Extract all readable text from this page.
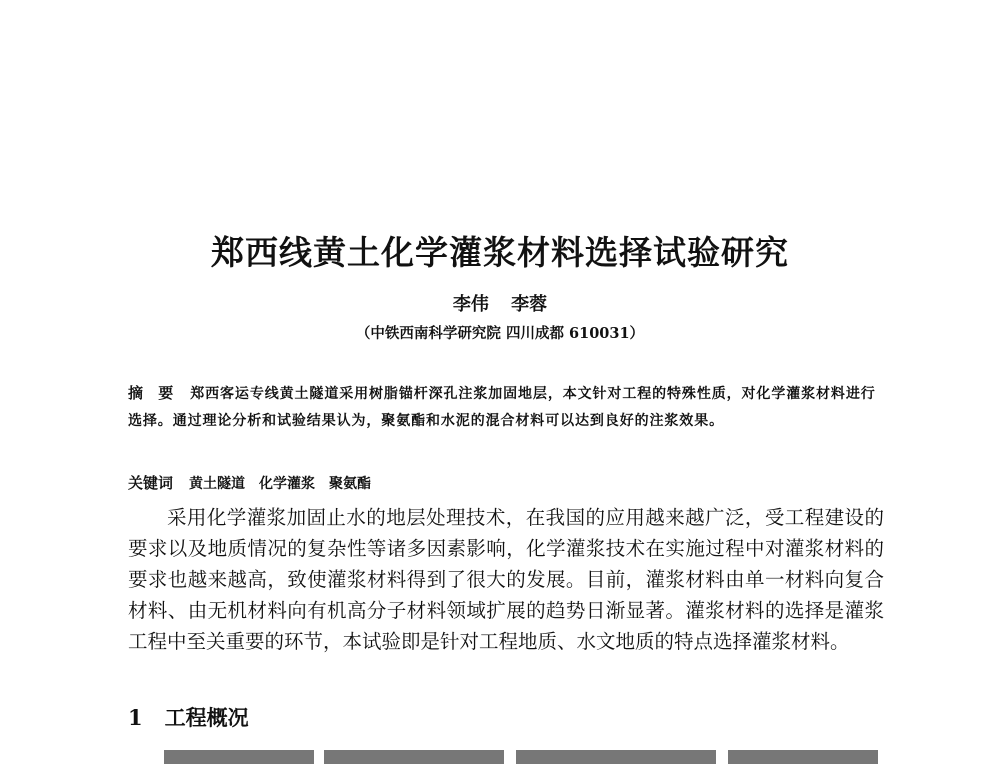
郑西线黄土化学灌浆材料选择试验研究
李伟 李蓉
（中铁西南科学研究院 四川成都 610031）

摘 要 郑西客运专线黄土隧道采用树脂锚杆深孔注浆加固地层，本文针对工程的特殊性质，对化学灌浆材料进行选择。通过理论分析和试验结果认为，聚氨酯和水泥的混合材料可以达到良好的注浆效果。

关键词 黄土隧道 化学灌浆 聚氨酯

采用化学灌浆加固止水的地层处理技术，在我国的应用越来越广泛，受工程建设的要求以及地质情况的复杂性等诸多因素影响，化学灌浆技术在实施过程中对灌浆材料的要求也越来越高，致使灌浆材料得到了很大的发展。目前，灌浆材料由单一材料向复合材料、由无机材料向有机高分子材料领域扩展的趋势日渐显著。灌浆材料的选择是灌浆工程中至关重要的环节，本试验即是针对工程地质、水文地质的特点选择灌浆材料。

1 工程概况
